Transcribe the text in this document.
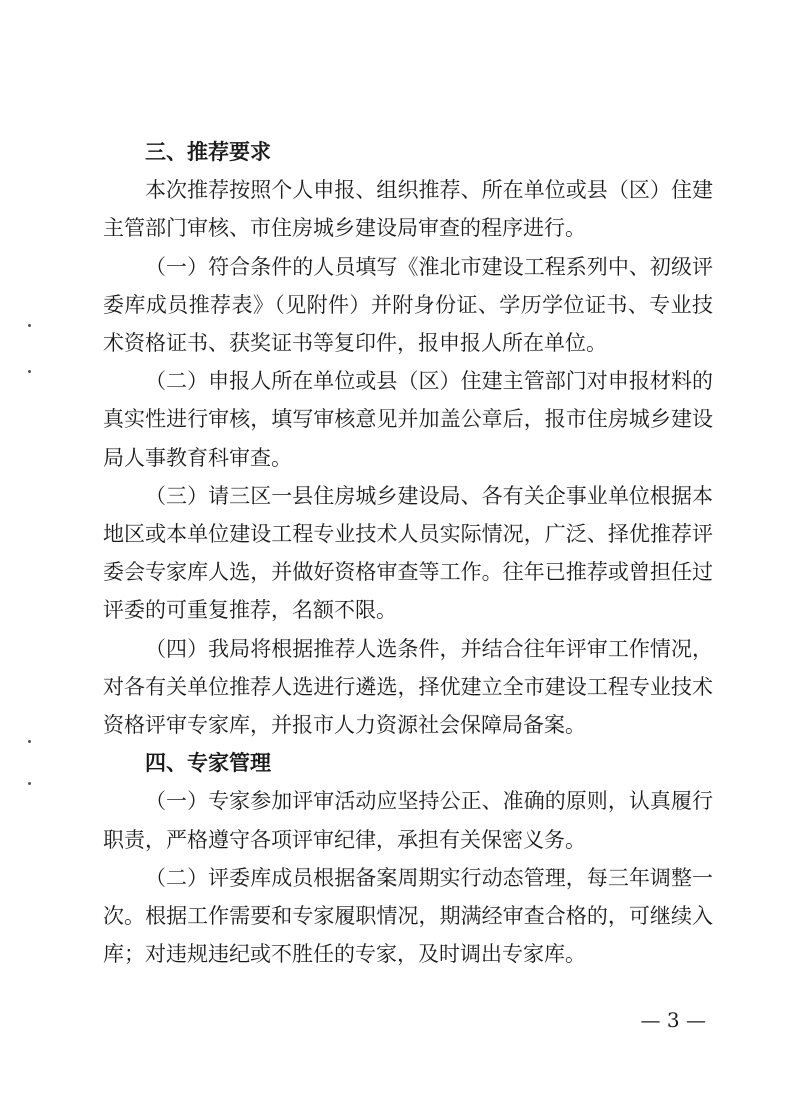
三、推荐要求

本次推荐按照个人申报、组织推荐、所在单位或县（区）住建主管部门审核、市住房城乡建设局审查的程序进行。

（一）符合条件的人员填写《淮北市建设工程系列中、初级评委库成员推荐表》（见附件）并附身份证、学历学位证书、专业技术资格证书、获奖证书等复印件，报申报人所在单位。

（二）申报人所在单位或县（区）住建主管部门对申报材料的真实性进行审核，填写审核意见并加盖公章后，报市住房城乡建设局人事教育科审查。

（三）请三区一县住房城乡建设局、各有关企事业单位根据本地区或本单位建设工程专业技术人员实际情况，广泛、择优推荐评委会专家库人选，并做好资格审查等工作。往年已推荐或曾担任过评委的可重复推荐，名额不限。

（四）我局将根据推荐人选条件，并结合往年评审工作情况，对各有关单位推荐人选进行遴选，择优建立全市建设工程专业技术资格评审专家库，并报市人力资源社会保障局备案。

四、专家管理

（一）专家参加评审活动应坚持公正、准确的原则，认真履行职责，严格遵守各项评审纪律，承担有关保密义务。

（二）评委库成员根据备案周期实行动态管理，每三年调整一次。根据工作需要和专家履职情况，期满经审查合格的，可继续入库；对违规违纪或不胜任的专家，及时调出专家库。

— 3 —
